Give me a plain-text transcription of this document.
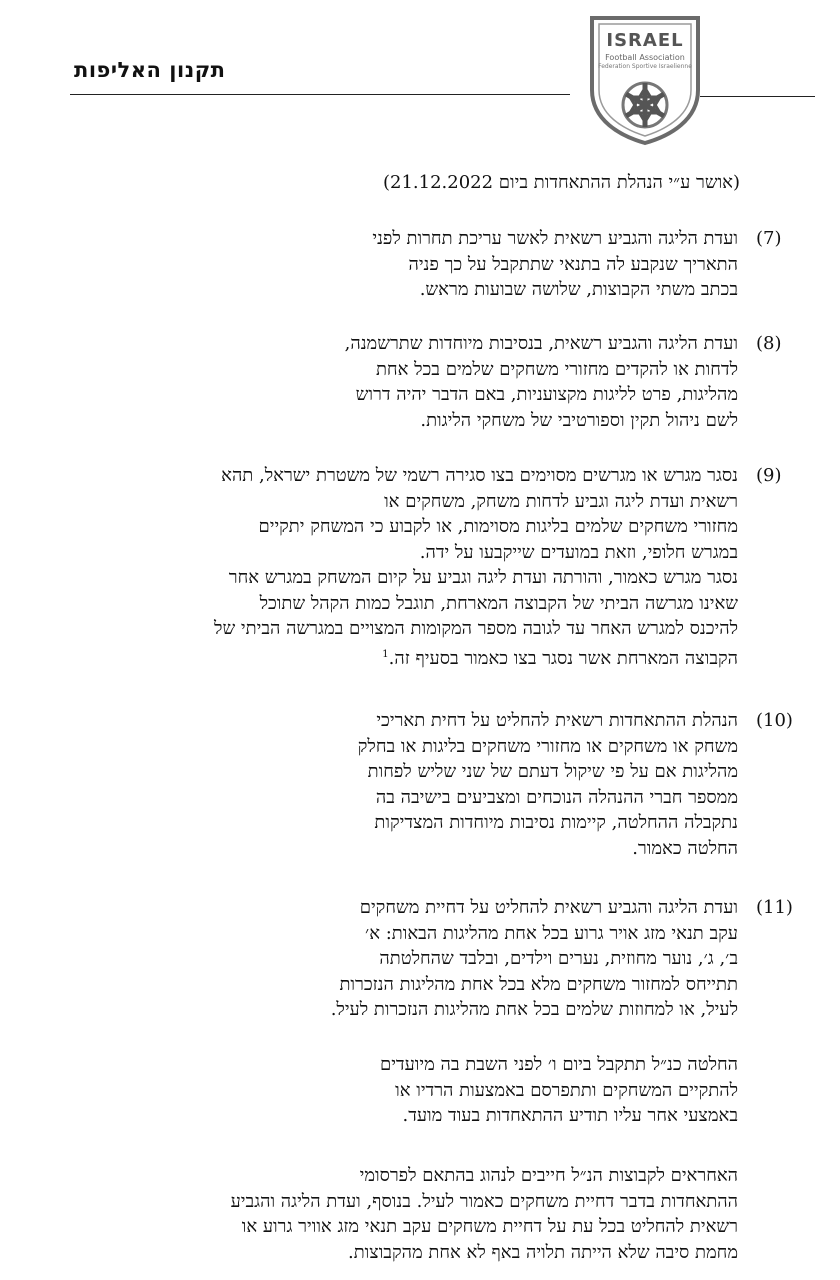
תקנון האליפות
ISRAEL
Football Association
Federation Sportive Israelienne
(אושר ע״י הנהלת ההתאחדות ביום 21.12.2022)
(7)
ועדת הליגה והגביע רשאית לאשר עריכת תחרות לפני
התאריך שנקבע לה בתנאי שתתקבל על כך פניה
בכתב משתי הקבוצות, שלושה שבועות מראש.
(8)
ועדת הליגה והגביע רשאית, בנסיבות מיוחדות שתרשמנה,
לדחות או להקדים מחזורי משחקים שלמים בכל אחת
מהליגות, פרט לליגות מקצועניות, באם הדבר יהיה דרוש
לשם ניהול תקין וספורטיבי של משחקי הליגות.
(9)
נסגר מגרש או מגרשים מסוימים בצו סגירה רשמי של משטרת ישראל, תהא
רשאית ועדת ליגה וגביע לדחות משחק, משחקים או
מחזורי משחקים שלמים בליגות מסוימות, או לקבוע כי המשחק יתקיים
במגרש חלופי, וזאת במועדים שייקבעו על ידה.
נסגר מגרש כאמור, והורתה ועדת ליגה וגביע על קיום המשחק במגרש אחר
שאינו מגרשה הביתי של הקבוצה המארחת, תוגבל כמות הקהל שתוכל
להיכנס למגרש האחר עד לגובה מספר המקומות המצויים במגרשה הביתי של
הקבוצה המארחת אשר נסגר בצו כאמור בסעיף זה.$^1$
(10)
הנהלת ההתאחדות רשאית להחליט על דחית תאריכי
משחק או משחקים או מחזורי משחקים בליגות או בחלק
מהליגות אם על פי שיקול דעתם של שני שליש לפחות
ממספר חברי ההנהלה הנוכחים ומצביעים בישיבה בה
נתקבלה ההחלטה, קיימות נסיבות מיוחדות המצדיקות
החלטה כאמור.
(11)
ועדת הליגה והגביע רשאית להחליט על דחיית משחקים
עקב תנאי מזג אויר גרוע בכל אחת מהליגות הבאות: א׳
ב׳, ג׳, נוער מחוזית, נערים וילדים, ובלבד שהחלטתה
תתייחס למחזור משחקים מלא בכל אחת מהליגות הנזכרות
לעיל, או למחוזות שלמים בכל אחת מהליגות הנזכרות לעיל.
החלטה כנ״ל תתקבל ביום ו׳ לפני השבת בה מיועדים
להתקיים המשחקים ותתפרסם באמצעות הרדיו או
באמצעי אחר עליו תודיע ההתאחדות בעוד מועד.
האחראים לקבוצות הנ״ל חייבים לנהוג בהתאם לפרסומי
ההתאחדות בדבר דחיית משחקים כאמור לעיל. בנוסף, ועדת הליגה והגביע
רשאית להחליט בכל עת על דחיית משחקים עקב תנאי מזג אוויר גרוע או
מחמת סיבה שלא הייתה תלויה באף לא אחת מהקבוצות.
